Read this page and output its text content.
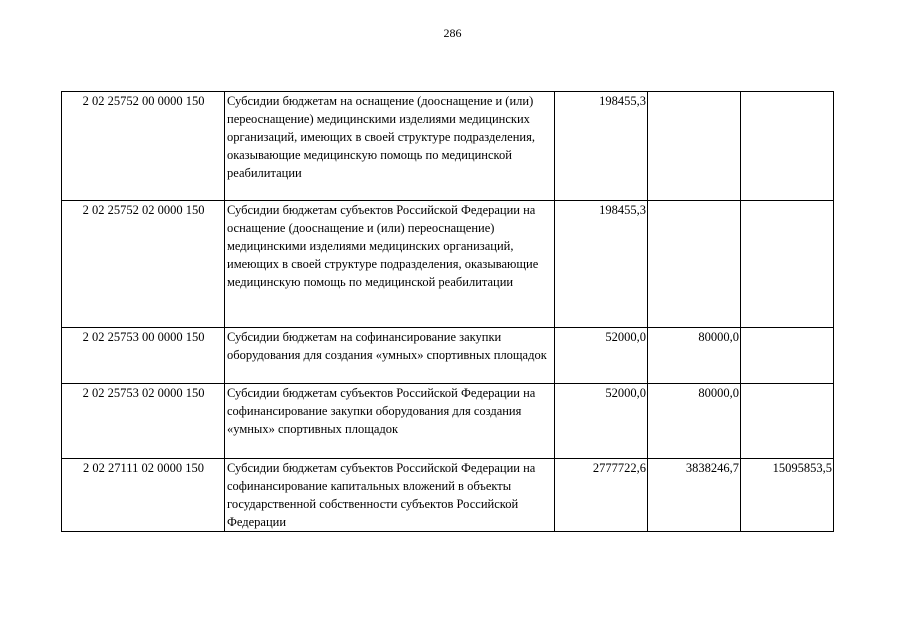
286
2 02 25752 00 0000 150	Субсидии бюджетам на оснащение (дооснащение и (или) переоснащение) медицинскими изделиями медицинских организаций, имеющих в своей структуре подразделения, оказывающие медицинскую помощь по медицинской реабилитации	198455,3		
2 02 25752 02 0000 150	Субсидии бюджетам субъектов Российской Федерации на оснащение (дооснащение и (или) переоснащение) медицинскими изделиями медицинских организаций, имеющих в своей структуре подразделения, оказывающие медицинскую помощь по медицинской реабилитации	198455,3		
2 02 25753 00 0000 150	Субсидии бюджетам на софинансирование закупки оборудования для создания «умных» спортивных площадок	52000,0	80000,0	
2 02 25753 02 0000 150	Субсидии бюджетам субъектов Российской Федерации на софинансирование закупки оборудования для создания «умных» спортивных площадок	52000,0	80000,0	
2 02 27111 02 0000 150	Субсидии бюджетам субъектов Российской Федерации на софинансирование капитальных вложений в объекты государственной собственности субъектов Российской Федерации	2777722,6	3838246,7	15095853,5
